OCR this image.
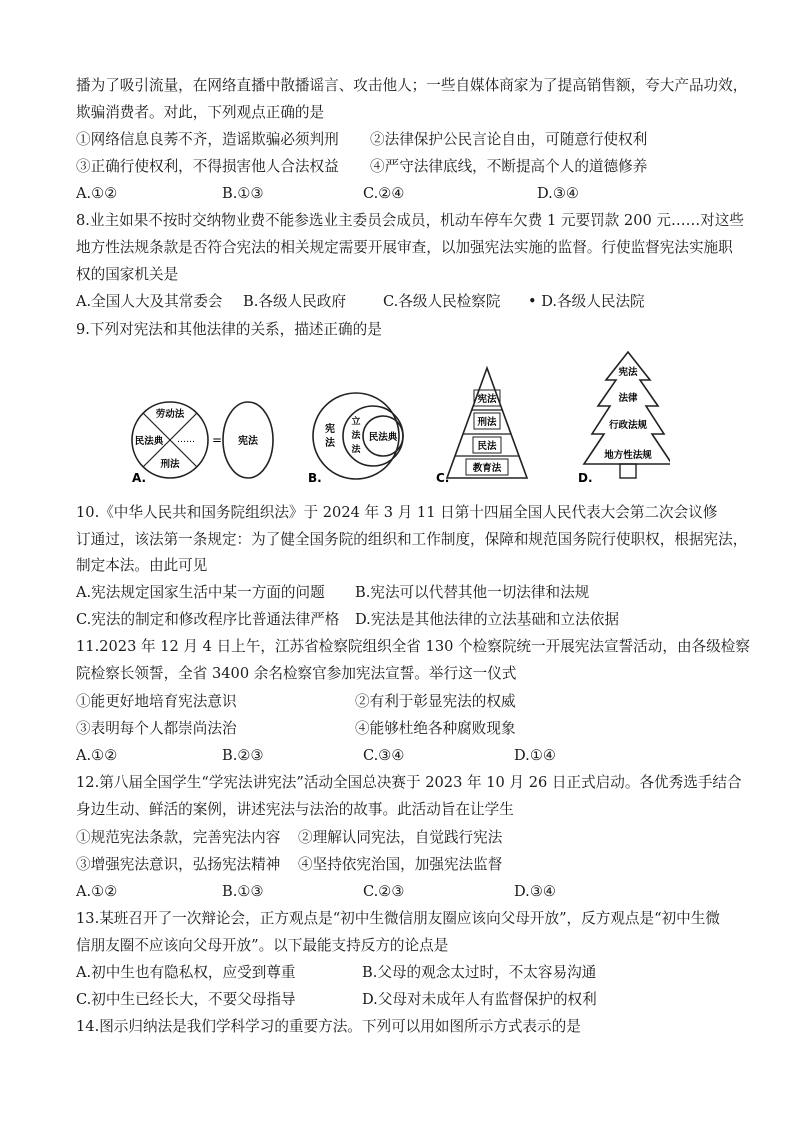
播为了吸引流量，在网络直播中散播谣言、攻击他人；一些自媒体商家为了提高销售额，夸大产品功效，
欺骗消费者。对此，下列观点正确的是
①网络信息良莠不齐，造谣欺骗必须判刑 ②法律保护公民言论自由，可随意行使权利
③正确行使权利，不得损害他人合法权益 ④严守法律底线，不断提高个人的道德修养
A.①②	B.①③	C.②④	D.③④
8.业主如果不按时交纳物业费不能参选业主委员会成员，机动车停车欠费 1 元要罚款 200 元……对这些
地方性法规条款是否符合宪法的相关规定需要开展审查，以加强宪法实施的监督。行使监督宪法实施职
权的国家机关是
A.全国人大及其常委会 B.各级人民政府	C.各级人民检察院 • D.各级人民法院
9.下列对宪法和其他法律的关系，描述正确的是
劳动法
民法典 ……
刑法
= 宪法
A.
宪
法
立
法
法
民法典
B.
宪法
刑法
民法
教育法
C.
宪法
法律
行政法规
地方性法规
D.
10.《中华人民共和国务院组织法》于 2024 年 3 月 11 日第十四届全国人民代表大会第二次会议修
订通过，该法第一条规定：为了健全国务院的组织和工作制度，保障和规范国务院行使职权，根据宪法，
制定本法。由此可见
A.宪法规定国家生活中某一方面的问题 B.宪法可以代替其他一切法律和法规
C.宪法的制定和修改程序比普通法律严格 D.宪法是其他法律的立法基础和立法依据
11.2023 年 12 月 4 日上午，江苏省检察院组织全省 130 个检察院统一开展宪法宣誓活动，由各级检察
院检察长领誓，全省 3400 余名检察官参加宪法宣誓。举行这一仪式
①能更好地培育宪法意识	②有利于彰显宪法的权威
③表明每个人都崇尚法治	④能够杜绝各种腐败现象
A.①②	B.②③	C.③④	D.①④
12.第八届全国学生“学宪法讲宪法”活动全国总决赛于 2023 年 10 月 26 日正式启动。各优秀选手结合
身边生动、鲜活的案例，讲述宪法与法治的故事。此活动旨在让学生
①规范宪法条款，完善宪法内容 ②理解认同宪法，自觉践行宪法
③增强宪法意识，弘扬宪法精神 ④坚持依宪治国，加强宪法监督
A.①②	B.①③	C.②③	D.③④
13.某班召开了一次辩论会，正方观点是“初中生微信朋友圈应该向父母开放”，反方观点是“初中生微
信朋友圈不应该向父母开放”。以下最能支持反方的论点是
A.初中生也有隐私权，应受到尊重	B.父母的观念太过时，不太容易沟通
C.初中生已经长大，不要父母指导	D.父母对未成年人有监督保护的权利
14.图示归纳法是我们学科学习的重要方法。下列可以用如图所示方式表示的是
